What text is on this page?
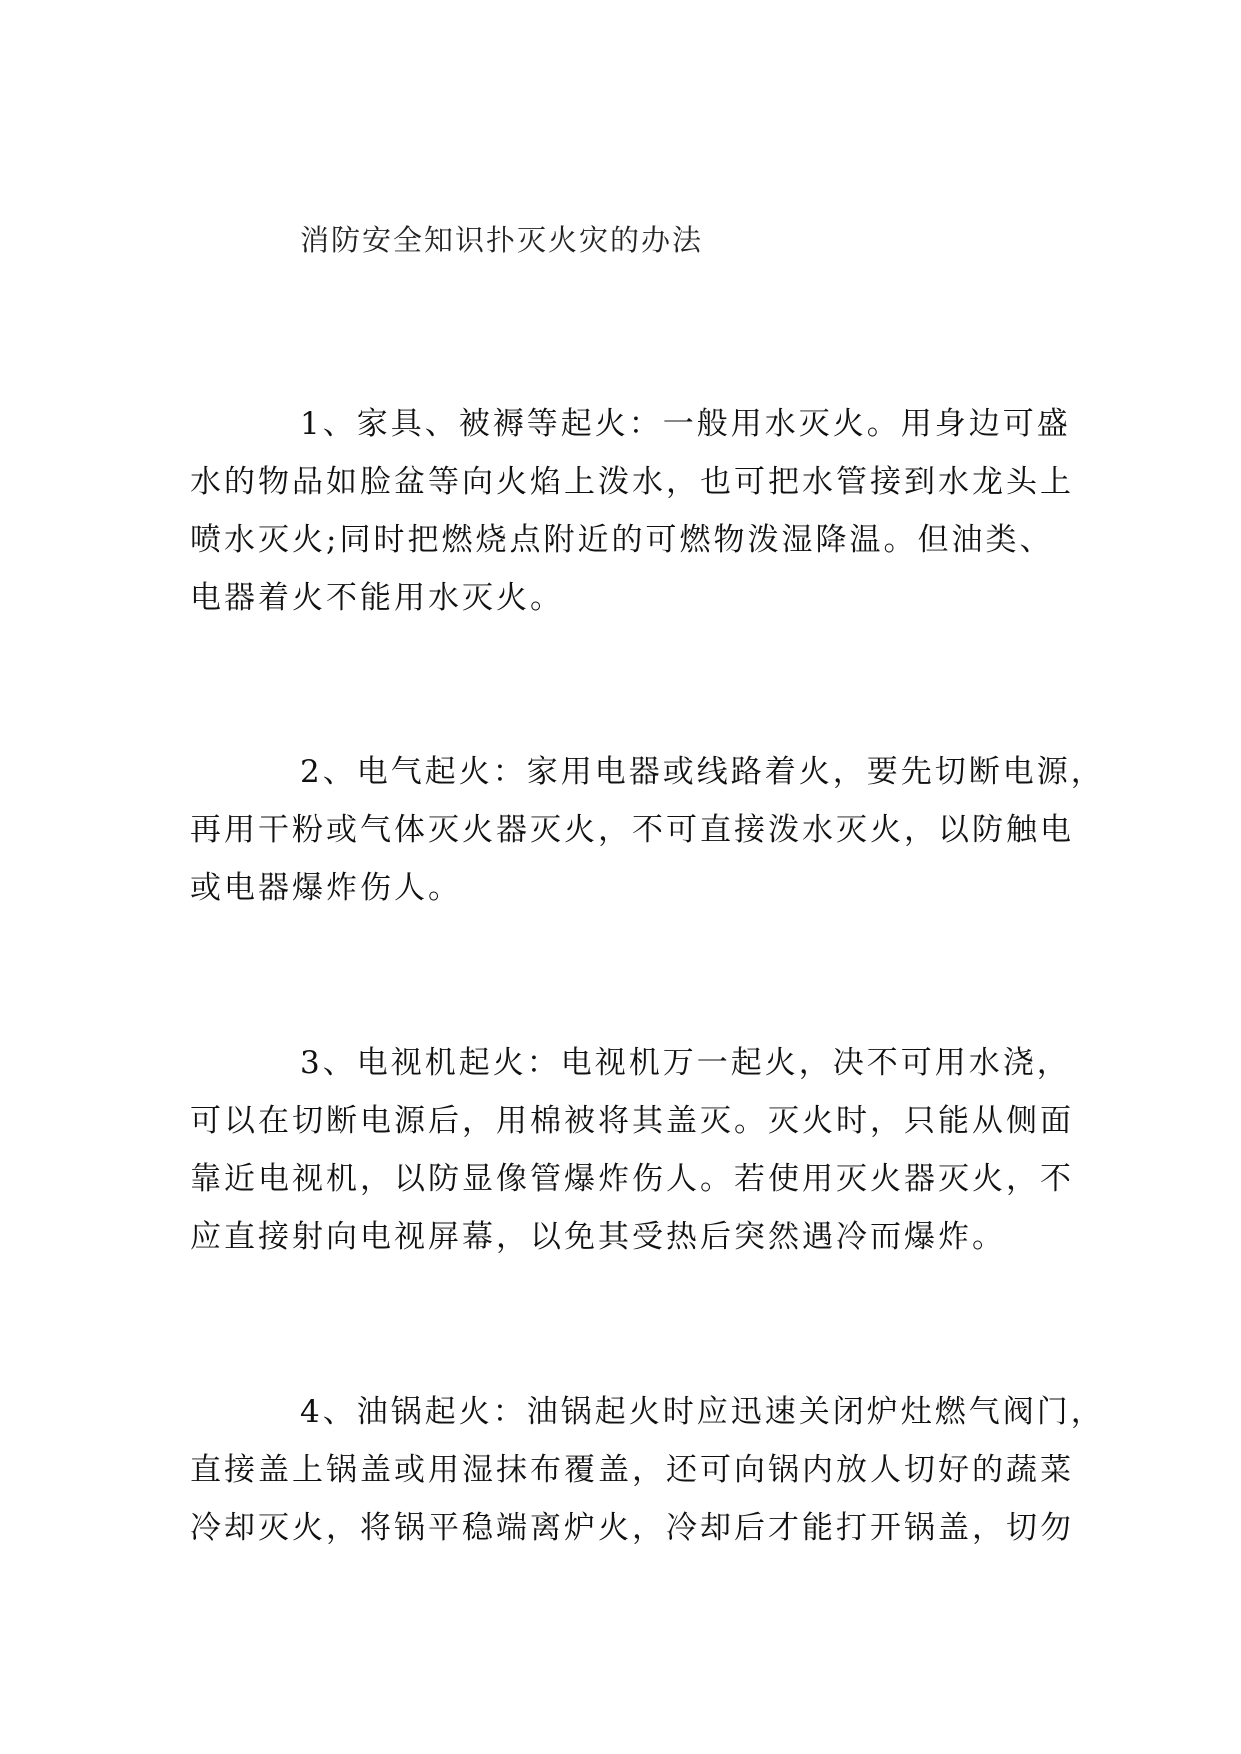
消防安全知识扑灭火灾的办法
1、家具、被褥等起火：一般用水灭火。用身边可盛
水的物品如脸盆等向火焰上泼水，也可把水管接到水龙头上
喷水灭火;同时把燃烧点附近的可燃物泼湿降温。但油类、
电器着火不能用水灭火。
2、电气起火：家用电器或线路着火，要先切断电源，
再用干粉或气体灭火器灭火，不可直接泼水灭火，以防触电
或电器爆炸伤人。
3、电视机起火：电视机万一起火，决不可用水浇，
可以在切断电源后，用棉被将其盖灭。灭火时，只能从侧面
靠近电视机，以防显像管爆炸伤人。若使用灭火器灭火，不
应直接射向电视屏幕，以免其受热后突然遇冷而爆炸。
4、油锅起火：油锅起火时应迅速关闭炉灶燃气阀门，
直接盖上锅盖或用湿抹布覆盖，还可向锅内放人切好的蔬菜
冷却灭火，将锅平稳端离炉火，冷却后才能打开锅盖，切勿
